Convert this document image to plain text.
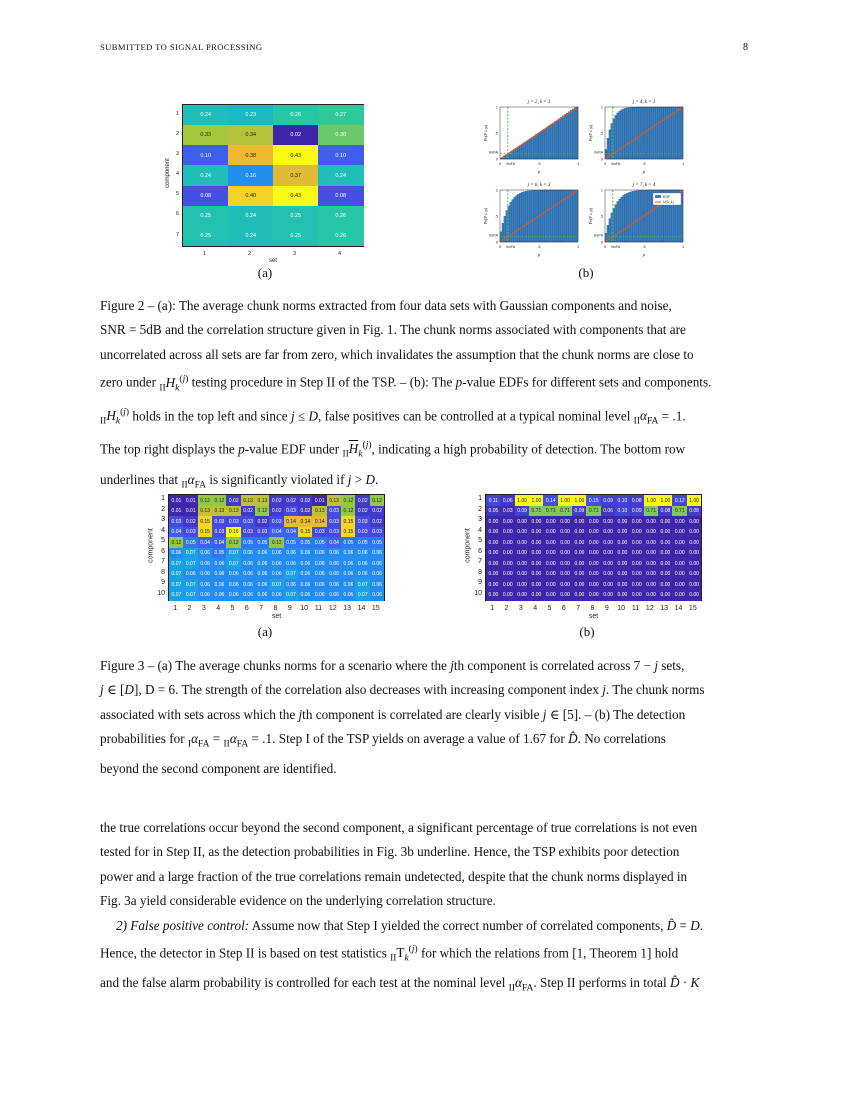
SUBMITTED TO SIGNAL PROCESSING	8
0.24	0.23	0.26	0.27
0.33	0.34	0.02	0.30
0.10	0.38	0.43	0.10
0.24	0.16	0.37	0.24
0.08	0.40	0.43	0.08
0.25	0.24	0.25	0.26
0.25	0.24	0.25	0.26
1
2
3
4
5
6
7
1	2	3	4
set
component
(a)
j = 2, k = 3
Pr(P ≤ p)
p
0 IIαFA	.5	1
0
IIαFA
.5
1
j = 4, k = 1
Pr(P ≤ p)
p
0 IIαFA	.5	1
0
IIαFA
.5
1
j = 6, k = 3
Pr(P ≤ p)
p
0 IIαFA	.5	1
0
IIαFA
.5
1
j = 7, k = 4
Pr(P ≤ p)
p
0 IIαFA	.5	1
0
IIαFA
.5
1
EDF
U(0, 1)
(b)
Figure 2 – (a): The average chunk norms extracted from four data sets with Gaussian components and noise,
SNR = 5dB and the correlation structure given in Fig. 1. The chunk norms associated with components that are
uncorrelated across all sets are far from zero, which invalidates the assumption that the chunk norms are close to
zero under $_{II}H_k^{(j)}$ testing procedure in Step II of the TSP. – (b): The p-value EDFs for different sets and components.
$_{II}H_k^{(j)}$ holds in the top left and since j ≤ D, false positives can be controlled at a typical nominal level $_{II}\alpha_{FA} = .1$.
The top right displays the p-value EDF under $_{II}\overline{H}_k^{(j)}$, indicating a high probability of detection. The bottom row
underlines that $_{II}\alpha_{FA}$ is significantly violated if j > D.
0.01 0.01 0.12 0.12 0.02 0.13 0.13 0.02 0.02 0.02 0.01 0.13 0.12 0.02 0.12
0.01 0.01 0.13 0.13 0.13 0.02 0.12 0.02 0.03 0.02 0.13 0.03 0.12 0.02 0.02
0.03 0.02 0.15 0.03 0.03 0.03 0.02 0.03 0.14 0.14 0.14 0.03 0.15 0.03 0.02
0.04 0.03 0.15 0.03 0.16 0.03 0.03 0.04 0.04 0.15 0.03 0.03 0.15 0.03 0.03
0.12 0.05 0.04 0.04 0.12 0.05 0.05 0.12 0.05 0.05 0.05 0.04 0.05 0.05 0.05
0.06 0.07 0.06 0.05 0.07 0.06 0.06 0.06 0.06 0.06 0.06 0.06 0.06 0.06 0.06
0.07 0.07 0.06 0.06 0.07 0.06 0.06 0.06 0.06 0.06 0.06 0.06 0.06 0.06 0.06
0.07 0.06 0.06 0.06 0.06 0.06 0.06 0.06 0.07 0.06 0.06 0.06 0.06 0.06 0.06
0.07 0.07 0.06 0.06 0.06 0.06 0.06 0.07 0.06 0.06 0.06 0.06 0.06 0.07 0.06
0.07 0.07 0.06 0.06 0.06 0.06 0.06 0.06 0.07 0.06 0.06 0.06 0.06 0.07 0.06
1
2
3
4
5
6
7
8
9
10
1	2	3	4	5	6	7	8	9	10 11 12 13 14 15
set
component
(a)
0.11 0.06 1.00 1.00 0.14 1.00 1.00 0.15 0.09 0.10 0.08 1.00 1.00 0.12 1.00
0.05 0.03 0.09 0.71 0.71 0.71 0.09 0.71 0.06 0.10 0.09 0.71 0.08 0.71 0.08
0.00 0.00 0.00 0.00 0.00 0.00 0.00 0.00 0.00 0.00 0.00 0.00 0.00 0.00 0.00
0.00 0.00 0.00 0.00 0.00 0.00 0.00 0.00 0.00 0.00 0.00 0.00 0.00 0.00 0.00
0.00 0.00 0.00 0.00 0.00 0.00 0.00 0.00 0.00 0.00 0.00 0.00 0.00 0.00 0.00
0.00 0.00 0.00 0.00 0.00 0.00 0.00 0.00 0.00 0.00 0.00 0.00 0.00 0.00 0.00
0.00 0.00 0.00 0.00 0.00 0.00 0.00 0.00 0.00 0.00 0.00 0.00 0.00 0.00 0.00
0.00 0.00 0.00 0.00 0.00 0.00 0.00 0.00 0.00 0.00 0.00 0.00 0.00 0.00 0.00
0.00 0.00 0.00 0.00 0.00 0.00 0.00 0.00 0.00 0.00 0.00 0.00 0.00 0.00 0.00
0.00 0.00 0.00 0.00 0.00 0.00 0.00 0.00 0.00 0.00 0.00 0.00 0.00 0.00 0.00
1
2
3
4
5
6
7
8
9
10
1	2	3	4	5	6	7	8	9	10 11 12 13 14 15
set
component
(b)
Figure 3 – (a) The average chunks norms for a scenario where the jth component is correlated across 7 − j sets,
j ∈ [D], D = 6. The strength of the correlation also decreases with increasing component index j. The chunk norms
associated with sets across which the jth component is correlated are clearly visible j ∈ [5]. – (b) The detection
probabilities for $_I\alpha_{FA} = _{II}\alpha_{FA} = .1$. Step I of the TSP yields on average a value of 1.67 for D̂. No correlations
beyond the second component are identified.
the true correlations occur beyond the second component, a significant percentage of true correlations is not even
tested for in Step II, as the detection probabilities in Fig. 3b underline. Hence, the TSP exhibits poor detection
power and a large fraction of the true correlations remain undetected, despite that the chunk norms displayed in
Fig. 3a yield considerable evidence on the underlying correlation structure.
2) False positive control: Assume now that Step I yielded the correct number of correlated components, D̂ = D.
Hence, the detector in Step II is based on test statistics $_{II}T_k^{(j)}$ for which the relations from [1, Theorem 1] hold
and the false alarm probability is controlled for each test at the nominal level $_{II}\alpha_{FA}$. Step II performs in total D̂ · K
